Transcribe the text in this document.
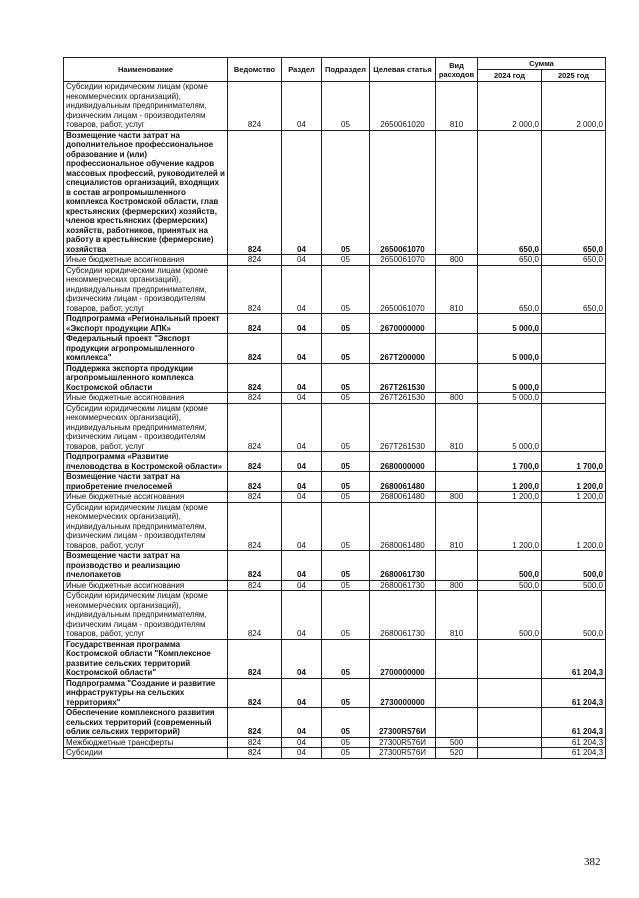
Наименование	Ведомство	Раздел	Подраздел	Целевая статья	Вид расходов	Сумма	
						2024 год	2025 год
Субсидии юридическим лицам (кроме некоммерческих организаций), индивидуальным предпринимателям, физическим лицам - производителям товаров, работ, услуг	824	04	05	2650061020	810	2 000,0	2 000,0
Возмещение части затрат на дополнительное профессиональное образование и (или) профессиональное обучение кадров массовых профессий, руководителей и специалистов организаций, входящих в состав агропромышленного комплекса Костромской области, глав крестьянских (фермерских) хозяйств, членов крестьянских (фермерских) хозяйств, работников, принятых на работу в крестьянские (фермерские) хозяйства	824	04	05	2650061070		650,0	650,0
Иные бюджетные ассигнования	824	04	05	2650061070	800	650,0	650,0
Субсидии юридическим лицам (кроме некоммерческих организаций), индивидуальным предпринимателям, физическим лицам - производителям товаров, работ, услуг	824	04	05	2650061070	810	650,0	650,0
Подпрограмма «Региональный проект «Экспорт продукции АПК»	824	04	05	2670000000		5 000,0	
Федеральный проект "Экспорт продукции агропромышленного комплекса"	824	04	05	267T200000		5 000,0	
Поддержка экспорта продукции агропромышленного комплекса Костромской области	824	04	05	267T261530		5 000,0	
Иные бюджетные ассигнования	824	04	05	267T261530	800	5 000,0	
Субсидии юридическим лицам (кроме некоммерческих организаций), индивидуальным предпринимателям, физическим лицам - производителям товаров, работ, услуг	824	04	05	267T261530	810	5 000,0	
Подпрограмма «Развитие пчеловодства в Костромской области»	824	04	05	2680000000		1 700,0	1 700,0
Возмещение части затрат на приобретение пчелосемей	824	04	05	2680061480		1 200,0	1 200,0
Иные бюджетные ассигнования	824	04	05	2680061480	800	1 200,0	1 200,0
Субсидии юридическим лицам (кроме некоммерческих организаций), индивидуальным предпринимателям, физическим лицам - производителям товаров, работ, услуг	824	04	05	2680061480	810	1 200,0	1 200,0
Возмещение части затрат на производство и реализацию пчелопакетов	824	04	05	2680061730		500,0	500,0
Иные бюджетные ассигнования	824	04	05	2680061730	800	500,0	500,0
Субсидии юридическим лицам (кроме некоммерческих организаций), индивидуальным предпринимателям, физическим лицам - производителям товаров, работ, услуг	824	04	05	2680061730	810	500,0	500,0
Государственная программа Костромской области "Комплексное развитие сельских территорий Костромской области"	824	04	05	2700000000			61 204,3
Подпрограмма "Создание и развитие инфраструктуры на сельских территориях"	824	04	05	2730000000			61 204,3
Обеспечение комплексного развития сельских территорий (современный облик сельских территорий)	824	04	05	27300R576И			61 204,3
Межбюджетные трансферты	824	04	05	27300R576И	500		61 204,3
Субсидии	824	04	05	27300R576И	520		61 204,3
382
